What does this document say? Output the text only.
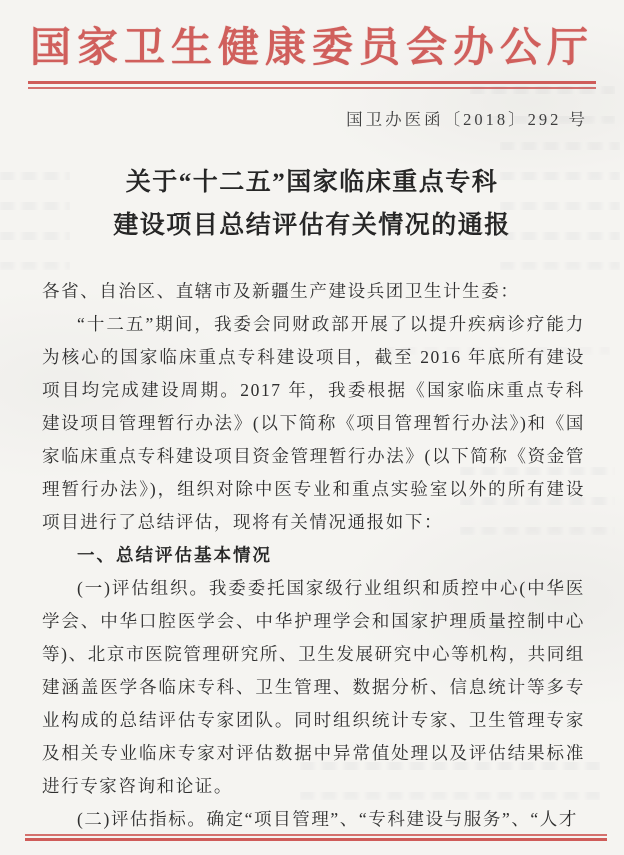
国家卫生健康委员会办公厅
国卫办医函〔2018〕292 号
关于“十二五”国家临床重点专科
建设项目总结评估有关情况的通报

各省、自治区、直辖市及新疆生产建设兵团卫生计生委：

“十二五”期间，我委会同财政部开展了以提升疾病诊疗能力为核心的国家临床重点专科建设项目，截至 2016 年底所有建设项目均完成建设周期。2017 年，我委根据《国家临床重点专科建设项目管理暂行办法》(以下简称《项目管理暂行办法》)和《国家临床重点专科建设项目资金管理暂行办法》(以下简称《资金管理暂行办法》)，组织对除中医专业和重点实验室以外的所有建设项目进行了总结评估，现将有关情况通报如下：

一、总结评估基本情况

(一)评估组织。我委委托国家级行业组织和质控中心(中华医学会、中华口腔医学会、中华护理学会和国家护理质量控制中心等)、北京市医院管理研究所、卫生发展研究中心等机构，共同组建涵盖医学各临床专科、卫生管理、数据分析、信息统计等多专业构成的总结评估专家团队。同时组织统计专家、卫生管理专家及相关专业临床专家对评估数据中异常值处理以及评估结果标准进行专家咨询和论证。

(二)评估指标。确定“项目管理”、“专科建设与服务”、“人才
